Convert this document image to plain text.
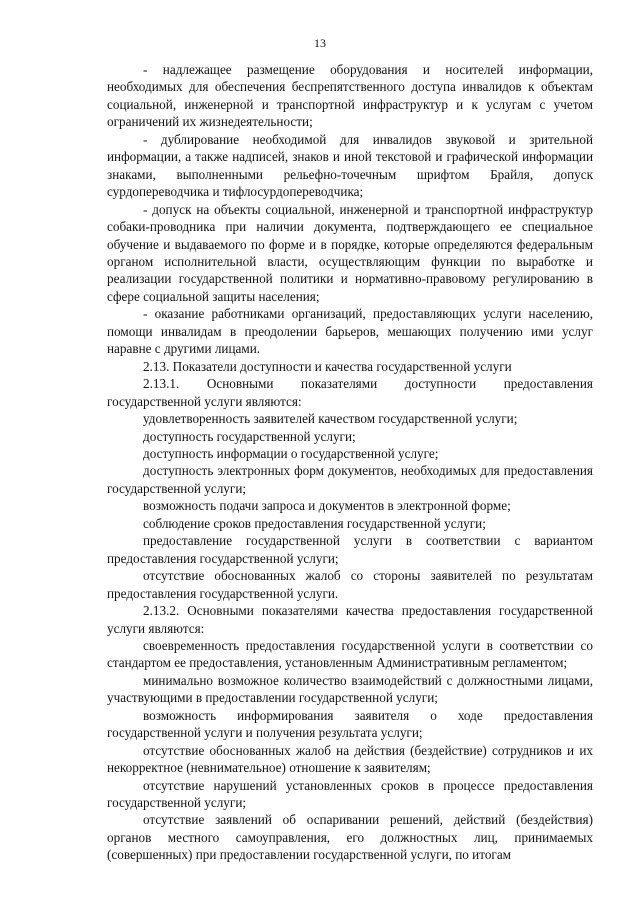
13

- надлежащее размещение оборудования и носителей информации, необходимых для обеспечения беспрепятственного доступа инвалидов к объектам социальной, инженерной и транспортной инфраструктур и к услугам с учетом ограничений их жизнедеятельности;

- дублирование необходимой для инвалидов звуковой и зрительной информации, а также надписей, знаков и иной текстовой и графической информации знаками, выполненными рельефно-точечным шрифтом Брайля, допуск сурдопереводчика и тифлосурдопереводчика;

- допуск на объекты социальной, инженерной и транспортной инфраструктур собаки-проводника при наличии документа, подтверждающего ее специальное обучение и выдаваемого по форме и в порядке, которые определяются федеральным органом исполнительной власти, осуществляющим функции по выработке и реализации государственной политики и нормативно-правовому регулированию в сфере социальной защиты населения;

- оказание работниками организаций, предоставляющих услуги населению, помощи инвалидам в преодолении барьеров, мешающих получению ими услуг наравне с другими лицами.

2.13. Показатели доступности и качества государственной услуги

2.13.1. Основными показателями доступности предоставления государственной услуги являются:

удовлетворенность заявителей качеством государственной услуги;

доступность государственной услуги;

доступность информации о государственной услуге;

доступность электронных форм документов, необходимых для предоставления государственной услуги;

возможность подачи запроса и документов в электронной форме;

соблюдение сроков предоставления государственной услуги;

предоставление государственной услуги в соответствии с вариантом предоставления государственной услуги;

отсутствие обоснованных жалоб со стороны заявителей по результатам предоставления государственной услуги.

2.13.2. Основными показателями качества предоставления государственной услуги являются:

своевременность предоставления государственной услуги в соответствии со стандартом ее предоставления, установленным Административным регламентом;

минимально возможное количество взаимодействий с должностными лицами, участвующими в предоставлении государственной услуги;

возможность информирования заявителя о ходе предоставления государственной услуги и получения результата услуги;

отсутствие обоснованных жалоб на действия (бездействие) сотрудников и их некорректное (невнимательное) отношение к заявителям;

отсутствие нарушений установленных сроков в процессе предоставления государственной услуги;

отсутствие заявлений об оспаривании решений, действий (бездействия) органов местного самоуправления, его должностных лиц, принимаемых (совершенных) при предоставлении государственной услуги, по итогам
